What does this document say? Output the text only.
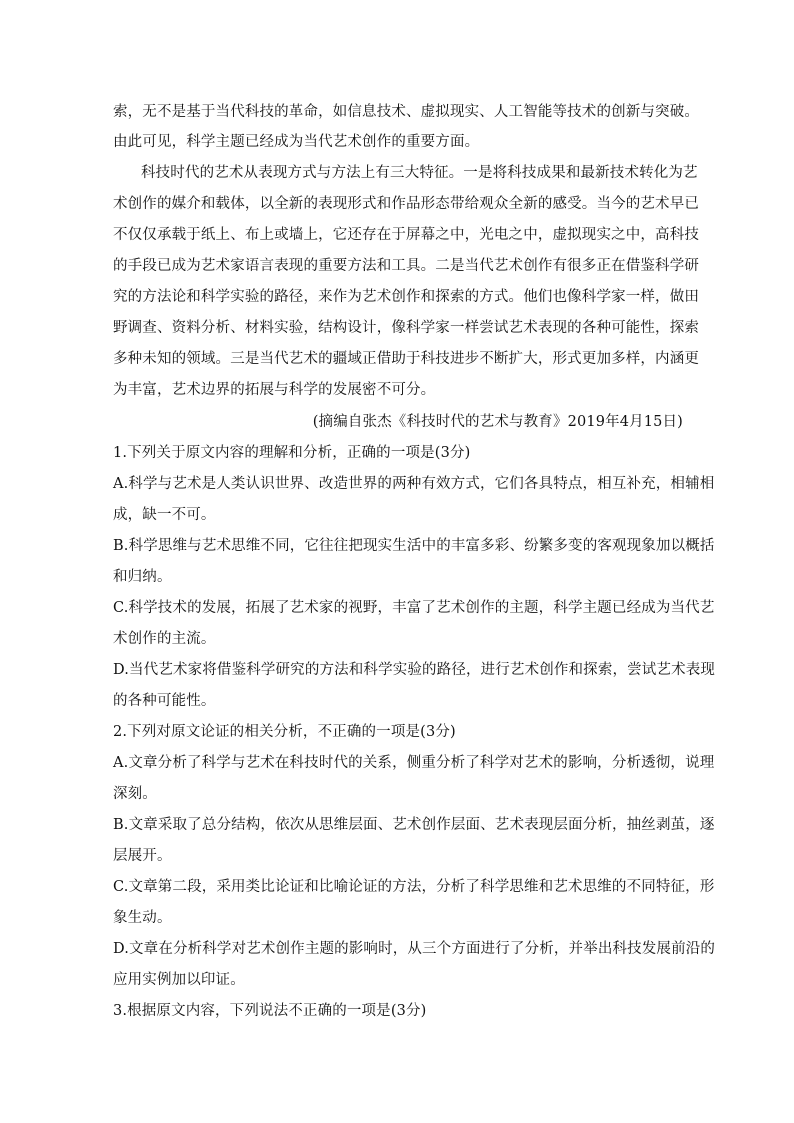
索，无不是基于当代科技的革命，如信息技术、虚拟现实、人工智能等技术的创新与突破。
由此可见，科学主题已经成为当代艺术创作的重要方面。
科技时代的艺术从表现方式与方法上有三大特征。一是将科技成果和最新技术转化为艺
术创作的媒介和载体，以全新的表现形式和作品形态带给观众全新的感受。当今的艺术早已
不仅仅承载于纸上、布上或墙上，它还存在于屏幕之中，光电之中，虚拟现实之中，高科技
的手段已成为艺术家语言表现的重要方法和工具。二是当代艺术创作有很多正在借鉴科学研
究的方法论和科学实验的路径，来作为艺术创作和探索的方式。他们也像科学家一样，做田
野调查、资料分析、材料实验，结构设计，像科学家一样尝试艺术表现的各种可能性，探索
多种未知的领域。三是当代艺术的疆域正借助于科技进步不断扩大，形式更加多样，内涵更
为丰富，艺术边界的拓展与科学的发展密不可分。
(摘编自张杰《科技时代的艺术与教育》2019年4月15日)
1.下列关于原文内容的理解和分析，正确的一项是(3分)
A.科学与艺术是人类认识世界、改造世界的两种有效方式，它们各具特点，相互补充，相辅相
成，缺一不可。
B.科学思维与艺术思维不同，它往往把现实生活中的丰富多彩、纷繁多变的客观现象加以概括
和归纳。
C.科学技术的发展，拓展了艺术家的视野，丰富了艺术创作的主题，科学主题已经成为当代艺
术创作的主流。
D.当代艺术家将借鉴科学研究的方法和科学实验的路径，进行艺术创作和探索，尝试艺术表现
的各种可能性。
2.下列对原文论证的相关分析，不正确的一项是(3分)
A.文章分析了科学与艺术在科技时代的关系，侧重分析了科学对艺术的影响，分析透彻，说理
深刻。
B.文章采取了总分结构，依次从思维层面、艺术创作层面、艺术表现层面分析，抽丝剥茧，逐
层展开。
C.文章第二段，采用类比论证和比喻论证的方法，分析了科学思维和艺术思维的不同特征，形
象生动。
D.文章在分析科学对艺术创作主题的影响时，从三个方面进行了分析，并举出科技发展前沿的
应用实例加以印证。
3.根据原文内容，下列说法不正确的一项是(3分)
